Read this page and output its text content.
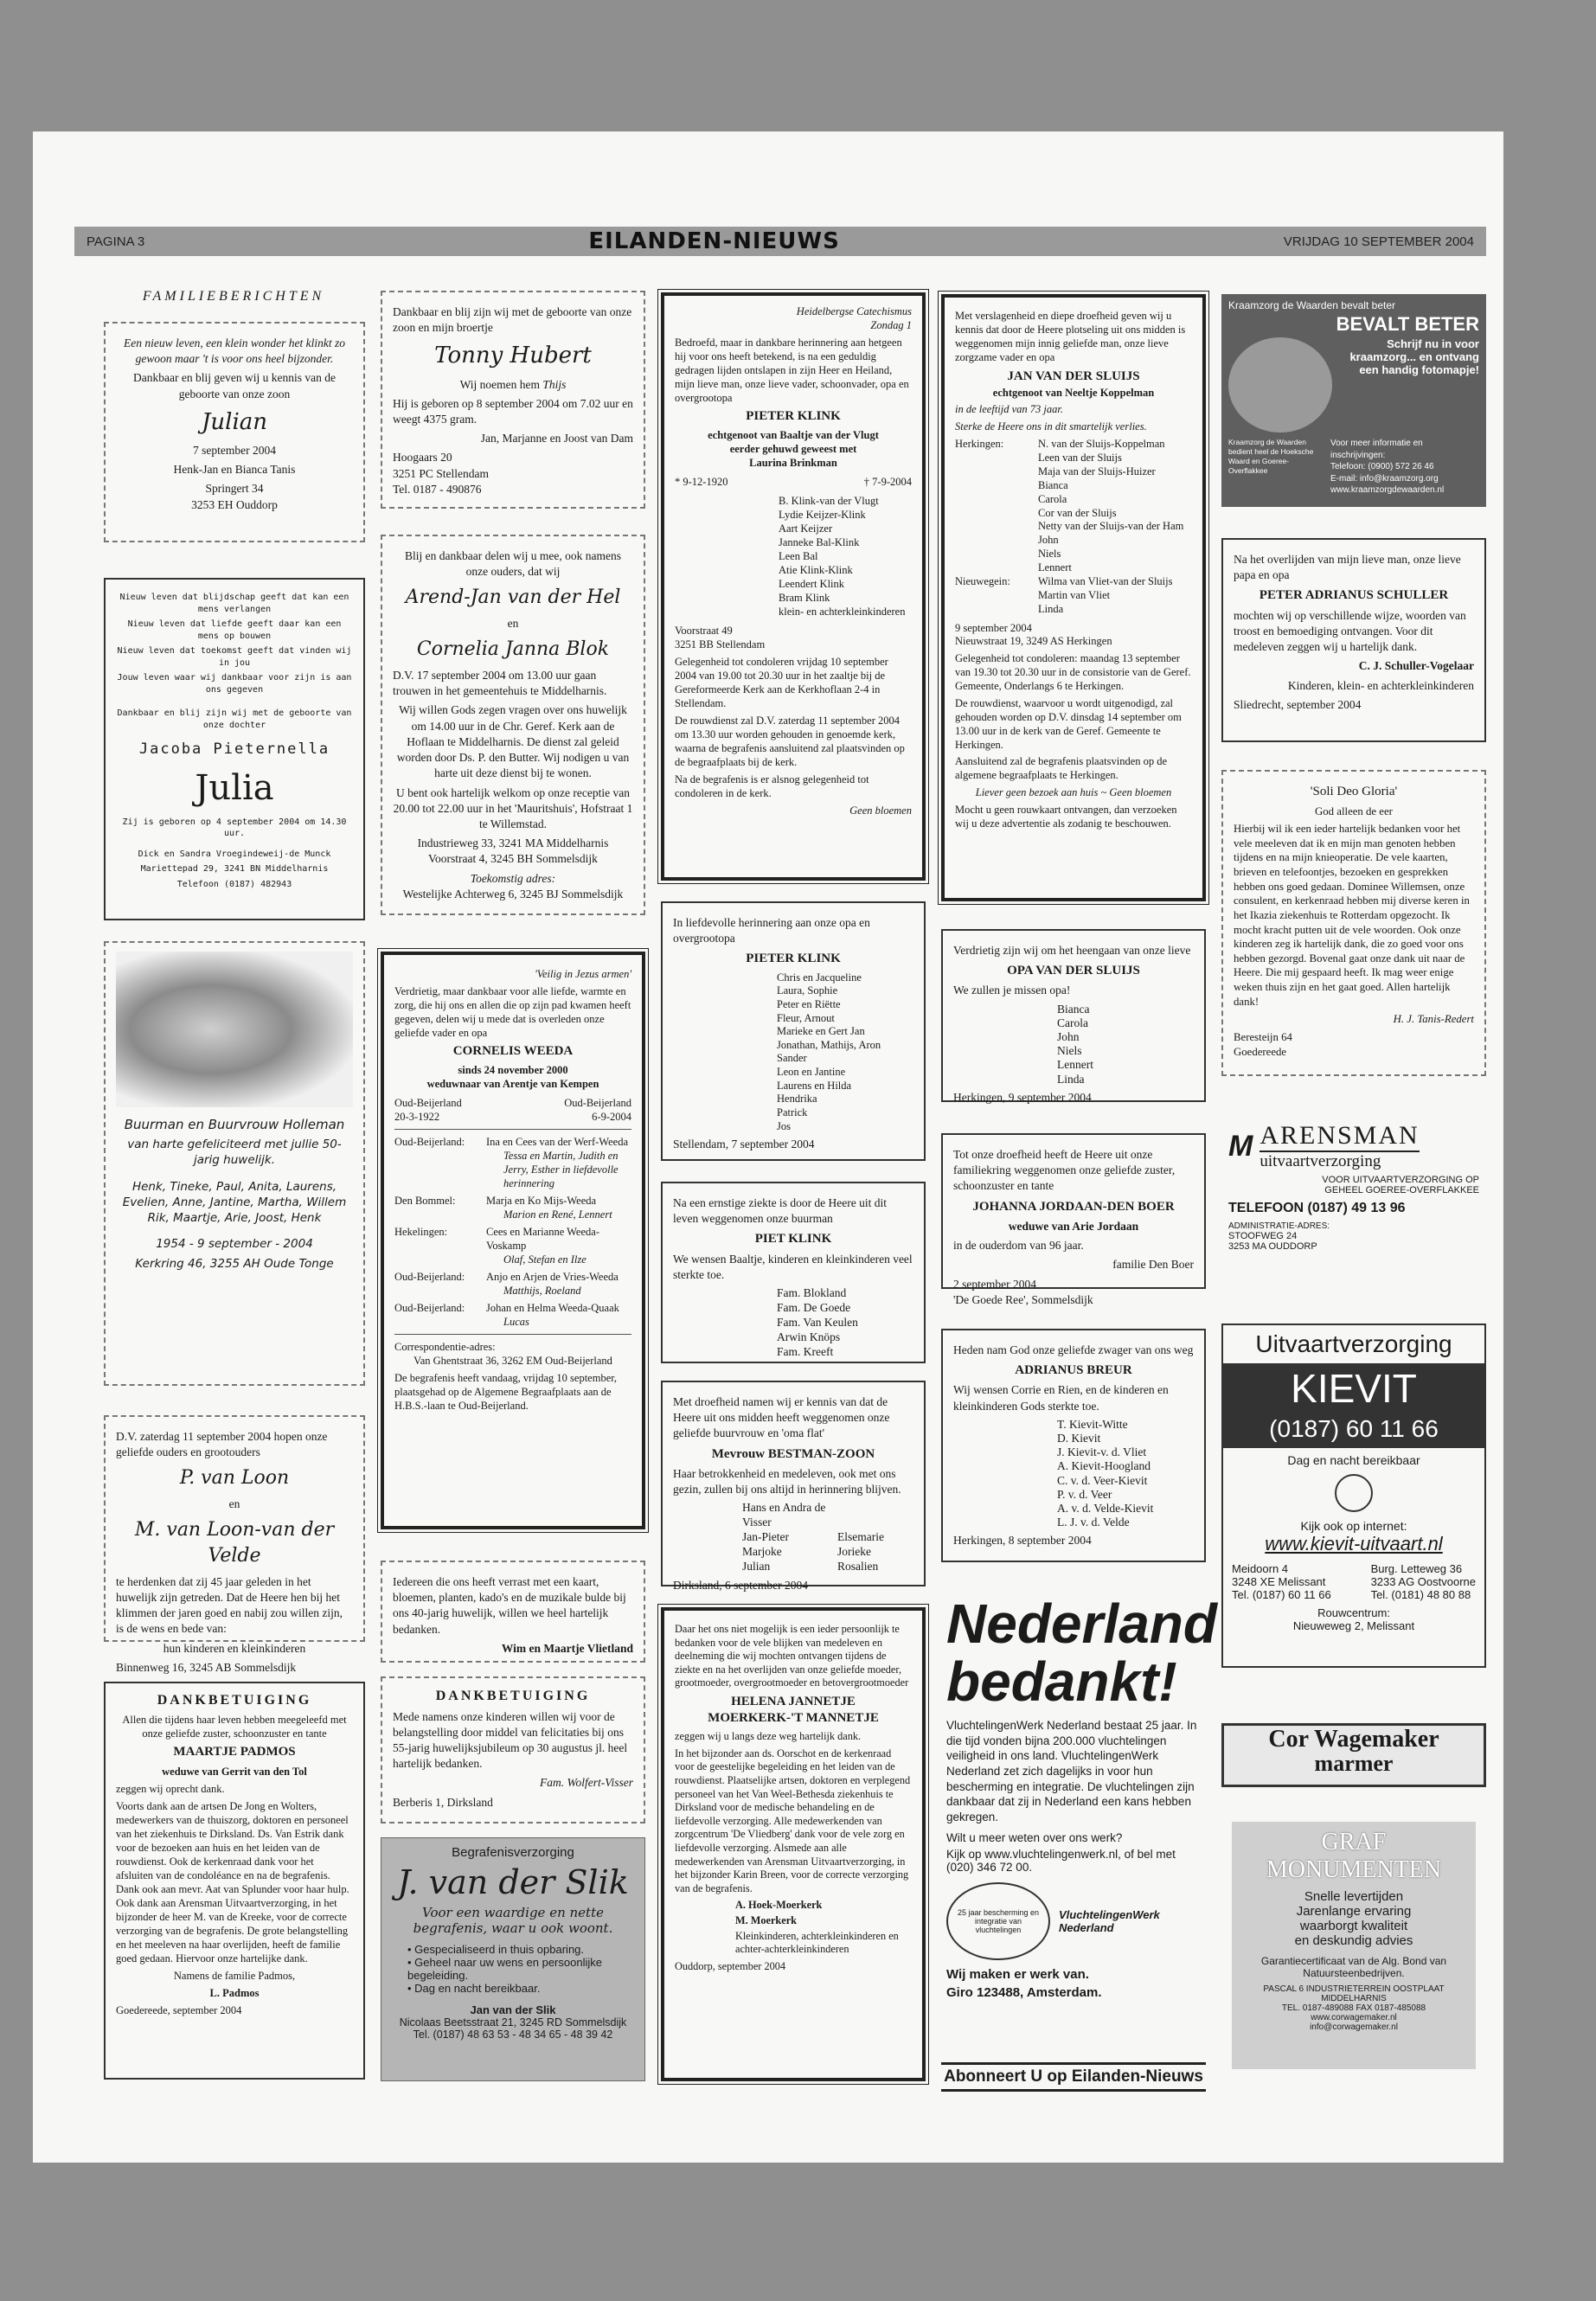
PAGINA 3	EILANDEN-NIEUWS	VRIJDAG 10 SEPTEMBER 2004
FAMILIEBERICHTEN

Een nieuw leven, een klein wonder het klinkt zo gewoon maar 't is voor ons heel bijzonder.

Dankbaar en blij geven wij u kennis van de geboorte van onze zoon

Julian

7 september 2004

Henk-Jan en Bianca Tanis

Springert 34

3253 EH Ouddorp

Nieuw leven dat blijdschap geeft dat kan een mens verlangen

Nieuw leven dat liefde geeft daar kan een mens op bouwen

Nieuw leven dat toekomst geeft dat vinden wij in jou

Jouw leven waar wij dankbaar voor zijn is aan ons gegeven

Dankbaar en blij zijn wij met de geboorte van onze dochter

Jacoba Pieternella

Julia

Zij is geboren op 4 september 2004 om 14.30 uur.

Dick en Sandra Vroegindeweij-de Munck

Mariettepad 29, 3241 BN Middelharnis

Telefoon (0187) 482943

Buurman en Buurvrouw Holleman

van harte gefeliciteerd met jullie 50-jarig huwelijk.

Henk, Tineke, Paul, Anita, Laurens, Evelien, Anne, Jantine, Martha, Willem Rik, Maartje, Arie, Joost, Henk

1954 - 9 september - 2004

Kerkring 46, 3255 AH Oude Tonge

D.V. zaterdag 11 september 2004 hopen onze geliefde ouders en grootouders

P. van Loon

en

M. van Loon-van der Velde

te herdenken dat zij 45 jaar geleden in het huwelijk zijn getreden. Dat de Heere hen bij het klimmen der jaren goed en nabij zou willen zijn, is de wens en bede van:

hun kinderen en kleinkinderen

Binnenweg 16, 3245 AB Sommelsdijk

DANKBETUIGING

Allen die tijdens haar leven hebben meegeleefd met onze geliefde zuster, schoonzuster en tante

MAARTJE PADMOS

weduwe van Gerrit van den Tol

zeggen wij oprecht dank.

Voorts dank aan de artsen De Jong en Wolters, medewerkers van de thuiszorg, doktoren en personeel van het ziekenhuis te Dirksland. Ds. Van Estrik dank voor de bezoeken aan huis en het leiden van de rouwdienst. Ook de kerkenraad dank voor het afsluiten van de condoléance en na de begrafenis. Dank ook aan mevr. Aat van Splunder voor haar hulp. Ook dank aan Arensman Uitvaartverzorging, in het bijzonder de heer M. van de Kreeke, voor de correcte verzorging van de begrafenis. De grote belangstelling en het meeleven na haar overlijden, heeft de familie goed gedaan. Hiervoor onze hartelijke dank.

Namens de familie Padmos,

L. Padmos

Goedereede, september 2004

Dankbaar en blij zijn wij met de geboorte van onze zoon en mijn broertje

Tonny Hubert

Wij noemen hem Thijs

Hij is geboren op 8 september 2004 om 7.02 uur en weegt 4375 gram.

Jan, Marjanne en Joost van Dam

Hoogaars 20

3251 PC Stellendam

Tel. 0187 - 490876

Blij en dankbaar delen wij u mee, ook namens onze ouders, dat wij

Arend-Jan van der Hel

en

Cornelia Janna Blok

D.V. 17 september 2004 om 13.00 uur gaan trouwen in het gemeentehuis te Middelharnis.

Wij willen Gods zegen vragen over ons huwelijk om 14.00 uur in de Chr. Geref. Kerk aan de Hoflaan te Middelharnis. De dienst zal geleid worden door Ds. P. den Butter. Wij nodigen u van harte uit deze dienst bij te wonen.

U bent ook hartelijk welkom op onze receptie van 20.00 tot 22.00 uur in het 'Mauritshuis', Hofstraat 1 te Willemstad.

Industrieweg 33, 3241 MA Middelharnis Voorstraat 4, 3245 BH Sommelsdijk

Toekomstig adres:

Westelijke Achterweg 6, 3245 BJ Sommelsdijk

'Veilig in Jezus armen'

Verdrietig, maar dankbaar voor alle liefde, warmte en zorg, die hij ons en allen die op zijn pad kwamen heeft gegeven, delen wij u mede dat is overleden onze geliefde vader en opa

CORNELIS WEEDA

sinds 24 november 2000

weduwnaar van Arentje van Kempen

Oud-Beijerland	Oud-Beijerland
20-3-1922	6-9-2004
Oud-Beijerland:	Ina en Cees van der Werf-Weeda
Tessa en Martin, Judith en Jerry, Esther in liefdevolle herinnering
Den Bommel:	Marja en Ko Mijs-Weeda
Marion en René, Lennert
Hekelingen:	Cees en Marianne Weeda-Voskamp
Olaf, Stefan en Ilze
Oud-Beijerland:	Anjo en Arjen de Vries-Weeda
Matthijs, Roeland
Oud-Beijerland:	Johan en Helma Weeda-Quaak
Lucas

Correspondentie-adres:

Van Ghentstraat 36, 3262 EM Oud-Beijerland

De begrafenis heeft vandaag, vrijdag 10 september, plaatsgehad op de Algemene Begraafplaats aan de H.B.S.-laan te Oud-Beijerland.

Iedereen die ons heeft verrast met een kaart, bloemen, planten, kado's en de muzikale bulde bij ons 40-jarig huwelijk, willen we heel hartelijk bedanken.

Wim en Maartje Vlietland

DANKBETUIGING

Mede namens onze kinderen willen wij voor de belangstelling door middel van felicitaties bij ons 55-jarig huwelijksjubileum op 30 augustus jl. heel hartelijk bedanken.

Fam. Wolfert-Visser

Berberis 1, Dirksland

Begrafenisverzorging
J. van der Slik
Voor een waardige en nette begrafenis, waar u ook woont.
• Gespecialiseerd in thuis opbaring.
• Geheel naar uw wens en persoonlijke begeleiding.
• Dag en nacht bereikbaar.
Jan van der Slik
Nicolaas Beetsstraat 21, 3245 RD Sommelsdijk
Tel. (0187) 48 63 53 - 48 34 65 - 48 39 42

Heidelbergse Catechismus

Zondag 1

Bedroefd, maar in dankbare herinnering aan hetgeen hij voor ons heeft betekend, is na een geduldig gedragen lijden ontslapen in zijn Heer en Heiland, mijn lieve man, onze lieve vader, schoonvader, opa en overgrootopa

PIETER KLINK

echtgenoot van Baaltje van der Vlugt

eerder gehuwd geweest met

Laurina Brinkman

* 9-12-1920	† 7-9-2004
B. Klink-van der Vlugt
Lydie Keijzer-Klink
Aart Keijzer
Janneke Bal-Klink
Leen Bal
Atie Klink-Klink
Leendert Klink
Bram Klink
klein- en achterkleinkinderen

Voorstraat 49

3251 BB Stellendam

Gelegenheid tot condoleren vrijdag 10 september 2004 van 19.00 tot 20.30 uur in het zaaltje bij de Gereformeerde Kerk aan de Kerkhoflaan 2-4 in Stellendam.

De rouwdienst zal D.V. zaterdag 11 september 2004 om 13.30 uur worden gehouden in genoemde kerk, waarna de begrafenis aansluitend zal plaatsvinden op de begraafplaats bij de kerk.

Na de begrafenis is er alsnog gelegenheid tot condoleren in de kerk.

Geen bloemen

In liefdevolle herinnering aan onze opa en overgrootopa

PIETER KLINK

Chris en Jacqueline
Laura, Sophie
Peter en Riëtte
Fleur, Arnout
Marieke en Gert Jan
Jonathan, Mathijs, Aron
Sander
Leon en Jantine
Laurens en Hilda
Hendrika
Patrick
Jos

Stellendam, 7 september 2004

Na een ernstige ziekte is door de Heere uit dit leven weggenomen onze buurman

PIET KLINK

We wensen Baaltje, kinderen en kleinkinderen veel sterkte toe.

Fam. Blokland
Fam. De Goede
Fam. Van Keulen
Arwin Knöps
Fam. Kreeft

Met droefheid namen wij er kennis van dat de Heere uit ons midden heeft weggenomen onze geliefde buurvrouw en 'oma flat'

Mevrouw BESTMAN-ZOON

Haar betrokkenheid en medeleven, ook met ons gezin, zullen bij ons altijd in herinnering blijven.

Hans en Andra de Visser
Jan-Pieter	Elsemarie
Marjoke	Jorieke
Julian	Rosalien

Dirksland, 6 september 2004

Daar het ons niet mogelijk is een ieder persoonlijk te bedanken voor de vele blijken van medeleven en deelneming die wij mochten ontvangen tijdens de ziekte en na het overlijden van onze geliefde moeder, grootmoeder, overgrootmoeder en betovergrootmoeder

HELENA JANNETJE

MOERKERK-'T MANNETJE

zeggen wij u langs deze weg hartelijk dank.

In het bijzonder aan ds. Oorschot en de kerkenraad voor de geestelijke begeleiding en het leiden van de rouwdienst. Plaatselijke artsen, doktoren en verplegend personeel van het Van Weel-Bethesda ziekenhuis te Dirksland voor de medische behandeling en de liefdevolle verzorging. Alle medewerkenden van zorgcentrum 'De Vliedberg' dank voor de vele zorg en liefdevolle verzorging. Alsmede aan alle medewerkenden van Arensman Uitvaartverzorging, in het bijzonder Karin Breen, voor de correcte verzorging van de begrafenis.

A. Hoek-Moerkerk

M. Moerkerk

Kleinkinderen, achterkleinkinderen en achter-achterkleinkinderen

Ouddorp, september 2004

Met verslagenheid en diepe droefheid geven wij u kennis dat door de Heere plotseling uit ons midden is weggenomen mijn innig geliefde man, onze lieve zorgzame vader en opa

JAN VAN DER SLUIJS

echtgenoot van Neeltje Koppelman

in de leeftijd van 73 jaar.

Sterke de Heere ons in dit smartelijk verlies.

Herkingen:	N. van der Sluijs-Koppelman
Leen van der Sluijs
Maja van der Sluijs-Huizer
Bianca
Carola
Cor van der Sluijs
Netty van der Sluijs-van der Ham
John
Niels
Lennert
Nieuwegein:	Wilma van Vliet-van der Sluijs
Martin van Vliet
Linda

9 september 2004

Nieuwstraat 19, 3249 AS Herkingen

Gelegenheid tot condoleren: maandag 13 september van 19.30 tot 20.30 uur in de consistorie van de Geref. Gemeente, Onderlangs 6 te Herkingen.

De rouwdienst, waarvoor u wordt uitgenodigd, zal gehouden worden op D.V. dinsdag 14 september om 13.00 uur in de kerk van de Geref. Gemeente te Herkingen.

Aansluitend zal de begrafenis plaatsvinden op de algemene begraafplaats te Herkingen.

Liever geen bezoek aan huis ~ Geen bloemen

Mocht u geen rouwkaart ontvangen, dan verzoeken wij u deze advertentie als zodanig te beschouwen.

Verdrietig zijn wij om het heengaan van onze lieve

OPA VAN DER SLUIJS

We zullen je missen opa!

Bianca
Carola
John
Niels
Lennert
Linda

Herkingen, 9 september 2004

Tot onze droefheid heeft de Heere uit onze familiekring weggenomen onze geliefde zuster, schoonzuster en tante

JOHANNA JORDAAN-DEN BOER

weduwe van Arie Jordaan

in de ouderdom van 96 jaar.

familie Den Boer

2 september 2004

'De Goede Ree', Sommelsdijk

Heden nam God onze geliefde zwager van ons weg

ADRIANUS BREUR

Wij wensen Corrie en Rien, en de kinderen en kleinkinderen Gods sterkte toe.

T. Kievit-Witte
D. Kievit
J. Kievit-v. d. Vliet
A. Kievit-Hoogland
C. v. d. Veer-Kievit
P. v. d. Veer
A. v. d. Velde-Kievit
L. J. v. d. Velde

Herkingen, 8 september 2004

Nederland
bedankt!

VluchtelingenWerk Nederland bestaat 25 jaar. In die tijd vonden bijna 200.000 vluchtelingen veiligheid in ons land. VluchtelingenWerk Nederland zet zich dagelijks in voor hun bescherming en integratie. De vluchtelingen zijn dankbaar dat zij in Nederland een kans hebben gekregen.

Wilt u meer weten over ons werk?

Kijk op www.vluchtelingenwerk.nl, of bel met (020) 346 72 00.

25 jaar bescherming en integratie van vluchtelingen
VluchtelingenWerk
Nederland

Wij maken er werk van.

Giro 123488, Amsterdam.

Abonneert U op Eilanden-Nieuws
Kraamzorg de Waarden bevalt beter
BEVALT BETER
Schrijf nu in voor kraamzorg... en ontvang een handig fotomapje!
Kraamzorg de Waarden bedient heel de Hoeksche Waard en Goeree-Overflakkee
Voor meer informatie en inschrijvingen:
Telefoon: (0900) 572 26 46
E-mail: info@kraamzorg.org
www.kraamzorgdewaarden.nl

Na het overlijden van mijn lieve man, onze lieve papa en opa

PETER ADRIANUS SCHULLER

mochten wij op verschillende wijze, woorden van troost en bemoediging ontvangen. Voor dit medeleven zeggen wij u hartelijk dank.

C. J. Schuller-Vogelaar

Kinderen, klein- en achterkleinkinderen

Sliedrecht, september 2004

'Soli Deo Gloria'

God alleen de eer

Hierbij wil ik een ieder hartelijk bedanken voor het vele meeleven dat ik en mijn man genoten hebben tijdens en na mijn knieoperatie. De vele kaarten, brieven en telefoontjes, bezoeken en gesprekken hebben ons goed gedaan. Dominee Willemsen, onze consulent, en kerkenraad hebben mij diverse keren in het Ikazia ziekenhuis te Rotterdam opgezocht. Ik mocht kracht putten uit de vele woorden. Ook onze kinderen zeg ik hartelijk dank, die zo goed voor ons hebben gezorgd. Bovenal gaat onze dank uit naar de Heere. Die mij gespaard heeft. Ik mag weer enige weken thuis zijn en het gaat goed. Allen hartelijk dank!

H. J. Tanis-Redert

Beresteijn 64

Goedereede

M ARENSMAN
uitvaartverzorging
VOOR UITVAARTVERZORGING OP
GEHEEL GOEREE-OVERFLAKKEE
TELEFOON (0187) 49 13 96
ADMINISTRATIE-ADRES:
STOOFWEG 24
3253 MA OUDDORP
Uitvaartverzorging
KIEVIT
(0187) 60 11 66
Dag en nacht bereikbaar
Kijk ook op internet:
www.kievit-uitvaart.nl
Meidoorn 4
3248 XE Melissant
Tel. (0187) 60 11 66
Burg. Letteweg 36
3233 AG Oostvoorne
Tel. (0181) 48 80 88
Rouwcentrum:
Nieuweweg 2, Melissant
Cor Wagemaker
marmer
GRAF
MONUMENTEN
Snelle levertijden
Jarenlange ervaring
waarborgt kwaliteit
en deskundig advies
Garantiecertificaat van de Alg. Bond van Natuursteenbedrijven.
PASCAL 6 INDUSTRIETERREIN OOSTPLAAT MIDDELHARNIS
TEL. 0187-489088 FAX 0187-485088
www.corwagemaker.nl
info@corwagemaker.nl
